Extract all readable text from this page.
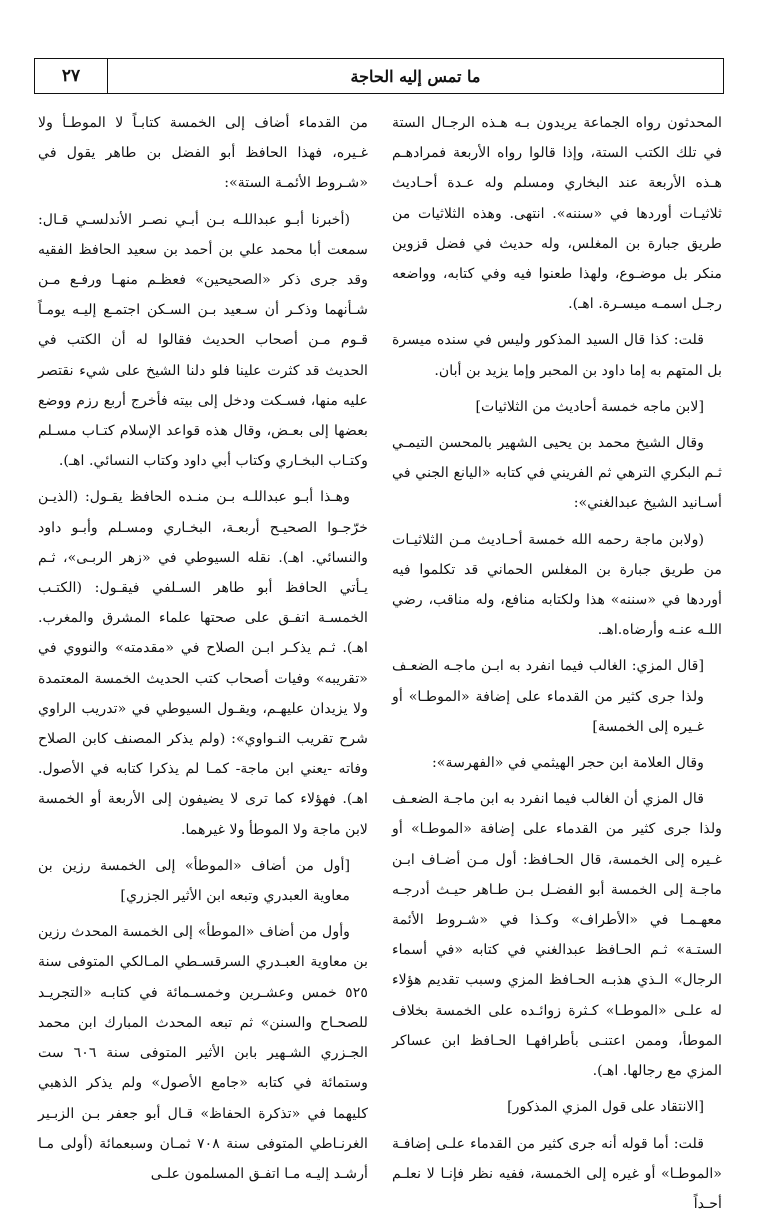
٢٧	ما تمس إليه الحاجة

المحدثون رواه الجماعة يريدون بـه هـذه الرجـال الستة في تلك الكتب الستة، وإذا قالوا رواه الأربعة فمرادهـم هـذه الأربعة عند البخاري ومسلم وله عـدة أحـاديث ثلاثيـات أوردها في «سننه». انتهى. وهذه الثلاثيات من طريق جبارة بن المغلس، وله حديث في فضل قزوين منكر بل موضـوع، ولهذا طعنوا فيه وفي كتابه، وواضعه رجـل اسمـه ميسـرة. اهـ).

قلت: كذا قال السيد المذكور وليس في سنده ميسرة بل المتهم به إما داود بن المحبر وإما يزيد بن أبان.

[لابن ماجه خمسة أحاديث من الثلاثيات]

وقال الشيخ محمد بن يحيى الشهير بالمحسن التيمـي ثـم البكري الترهي ثم الفريني في كتابه «اليانع الجني في أسـانيد الشيخ عبدالغني»:

(ولابن ماجة رحمه الله خمسة أحـاديث مـن الثلاثيـات من طريق جبارة بن المغلس الحماني قد تكلموا فيه أوردها في «سننه» هذا ولكتابه منافع، وله مناقب، رضي اللـه عنـه وأرضاه.اهـ.

[قال المزي: الغالب فيما انفرد به ابـن ماجـه الضعـف ولذا جرى كثير من القدماء على إضافة «الموطـا» أو غـيره إلى الخمسة]

وقال العلامة ابن حجر الهيثمي في «الفهرسة»:

قال المزي أن الغالب فيما انفرد به ابن ماجـة الضعـف ولذا جرى كثير من القدماء على إضافة «الموطـا» أو غـيره إلى الخمسة، قال الحـافظ: أول مـن أضـاف ابـن ماجـة إلى الخمسة أبو الفضـل بـن طـاهر حيـث أدرجـه معهـمـا في «الأطراف» وكـذا في «شـروط الأئمة الستـة» ثـم الحـافظ عبدالغني في كتابه «في أسماء الرجال» الـذي هذبـه الحـافظ المزي وسبب تقديم هؤلاء له علـى «الموطـا» كـثرة زوائـده على الخمسة بخلاف الموطأ، وممن اعتنـى بأطرافهـا الحـافظ ابن عساكر المزي مع رجالها. اهـ).

[الانتقاد على قول المزي المذكور]

قلت: أما قوله أنه جرى كثير من القدماء علـى إضافـة «الموطـا» أو غيره إلى الخمسة، ففيه نظر فإنـا لا نعلـم أحـداً

من القدماء أضاف إلى الخمسة كتابـاً لا الموطـأ ولا غـيره، فهذا الحافظ أبو الفضل بن طاهر يقول في «شـروط الأئمـة الستة»:

(أخبرنا أبـو عبداللـه بـن أبـي نصـر الأندلسـي قـال: سمعت أبا محمد علي بن أحمد بن سعيد الحافظ الفقيه وقد جرى ذكر «الصحيحين» فعظـم منهـا ورفـع مـن شـأنهما وذكـر أن سـعيد بـن السـكن اجتمـع إليـه يومـاً قـوم مـن أصحاب الحديث فقالوا له أن الكتب في الحديث قد كثرت علينا فلو دلنا الشيخ على شيء نقتصر عليه منها، فسـكت ودخل إلى بيته فأخرج أربع رزم ووضع بعضها إلى بعـض، وقال هذه قواعد الإسلام كتـاب مسـلم وكتـاب البخـاري وكتاب أبي داود وكتاب النسائي. اهـ).

وهـذا أبـو عبداللـه بـن منـده الحافظ يقـول: (الذيـن خرّجـوا الصحيـح أربعـة، البخـاري ومسـلم وأبـو داود والنسائي. اهـ). نقله السيوطي في «زهر الربـى»، ثـم يـأتي الحافظ أبو طاهر السـلفي فيقـول: (الكتـب الخمسـة اتفـق على صحتها علماء المشرق والمغرب. اهـ). ثـم يذكـر ابـن الصلاح في «مقدمته» والنووي في «تقريبه» وفيات أصحاب كتب الحديث الخمسة المعتمدة ولا يزيدان عليهـم، ويقـول السيوطي في «تدريب الراوي شرح تقريب النـواوي»: (ولم يذكر المصنف كابن الصلاح وفاته -يعني ابن ماجة- كمـا لم يذكرا كتابه في الأصول. اهـ). فهؤلاء كما ترى لا يضيفون إلى الأربعة أو الخمسة لابن ماجة ولا الموطأ ولا غيرهما.

[أول من أضاف «الموطأ» إلى الخمسة رزين بن معاوية العبدري وتبعه ابن الأثير الجزري]

وأول من أضاف «الموطأ» إلى الخمسة المحدث رزين بن معاوية العبـدري السرقسـطي المـالكي المتوفى سنة ٥٢٥ خمس وعشـرين وخمسـمائة في كتابـه «التجريـد للصحـاح والسنن» ثم تبعه المحدث المبارك ابن محمد الجـزري الشـهير بابن الأثير المتوفى سنة ٦٠٦ ست وستمائة في كتابه «جامع الأصول» ولم يذكر الذهبي كليهما في «تذكرة الحفاظ» قـال أبو جعفر بـن الزبـير الغرنـاطي المتوفى سنة ٧٠٨ ثمـان وسبعمائة (أولى مـا أرشـد إليـه مـا اتفـق المسلمون علـى
